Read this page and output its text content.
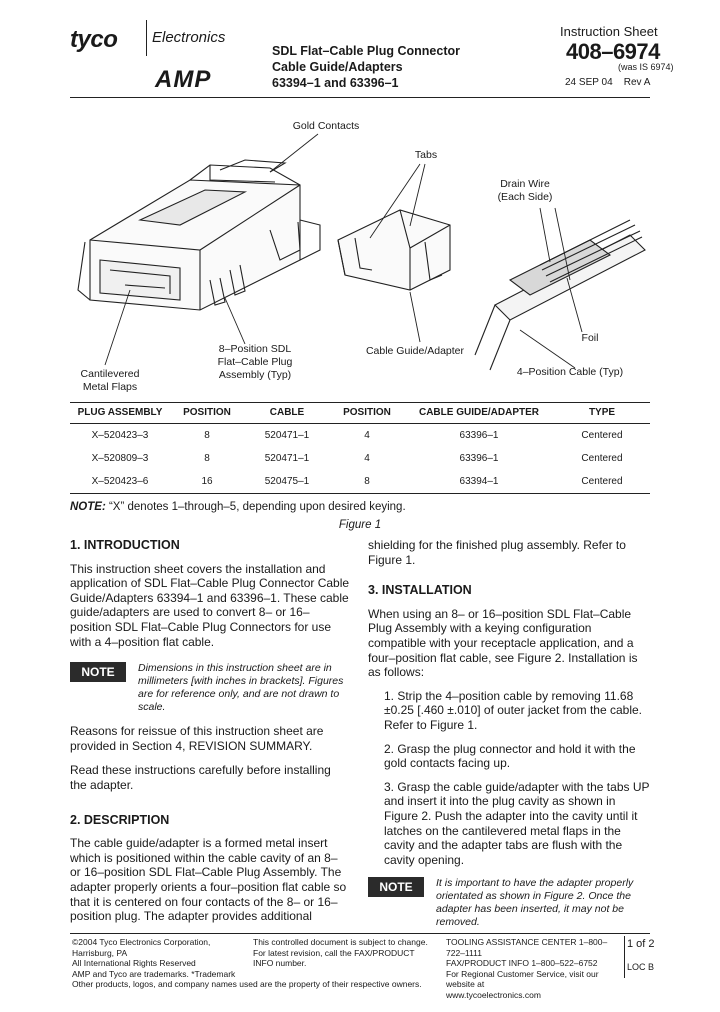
tyco Electronics
AMP
SDL Flat–Cable Plug Connector
Cable Guide/Adapters
63394–1 and 63396–1
Instruction Sheet
408–6974
(was IS 6974)
24 SEP 04    Rev A
Gold Contacts
Tabs
Drain Wire
(Each Side)
8–Position SDL
Flat–Cable Plug
Assembly (Typ)
Cantilevered
Metal Flaps
Cable Guide/Adapter
Foil
4–Position Cable (Typ)
PLUG ASSEMBLY	POSITION	CABLE	POSITION	CABLE GUIDE/ADAPTER	TYPE
X–520423–3	8	520471–1	4	63396–1	Centered
X–520809–3	8	520471–1	4	63396–1	Centered
X–520423–6	16	520475–1	8	63394–1	Centered
NOTE: “X” denotes 1–through–5, depending upon desired keying.
Figure 1
1. INTRODUCTION

This instruction sheet covers the installation and application of SDL Flat–Cable Plug Connector Cable Guide/Adapters 63394–1 and 63396–1. These cable guide/adapters are used to convert 8– or 16–position SDL Flat–Cable Plug Connectors for use with a 4–position flat cable.

NOTE	Dimensions in this instruction sheet are in millimeters [with inches in brackets]. Figures are for reference only, and are not drawn to scale.

Reasons for reissue of this instruction sheet are provided in Section 4, REVISION SUMMARY.

Read these instructions carefully before installing the adapter.

2. DESCRIPTION

The cable guide/adapter is a formed metal insert which is positioned within the cable cavity of an 8– or 16–position SDL Flat–Cable Plug Assembly. The adapter properly orients a four–position flat cable so that it is centered on four contacts of the 8– or 16–position plug. The adapter provides additional

shielding for the finished plug assembly. Refer to Figure 1.

3. INSTALLATION

When using an 8– or 16–position SDL Flat–Cable Plug Assembly with a keying configuration compatible with your receptacle application, and a four–position flat cable, see Figure 2. Installation is as follows:

1. Strip the 4–position cable by removing 11.68

±0.25 [.460 ±.010] of outer jacket from the cable. Refer to Figure 1.

2. Grasp the plug connector and hold it with the gold contacts facing up.

3. Grasp the cable guide/adapter with the tabs UP and insert it into the plug cavity as shown in Figure 2. Push the adapter into the cavity until it latches on the cantilevered metal flaps in the cavity and the adapter tabs are flush with the cavity opening.

NOTE	It is important to have the adapter properly orientated as shown in Figure 2. Once the adapter has been inserted, it may not be removed.
©2004 Tyco Electronics Corporation, Harrisburg, PA
All International Rights Reserved
AMP and Tyco are trademarks. *Trademark
Other products, logos, and company names used are the property of their respective owners.
This controlled document is subject to change.
For latest revision, call the FAX/PRODUCT INFO number.
TOOLING ASSISTANCE CENTER 1–800–722–1111
FAX/PRODUCT INFO 1–800–522–6752
For Regional Customer Service, visit our website at
www.tycoelectronics.com
1 of 2
LOC B
